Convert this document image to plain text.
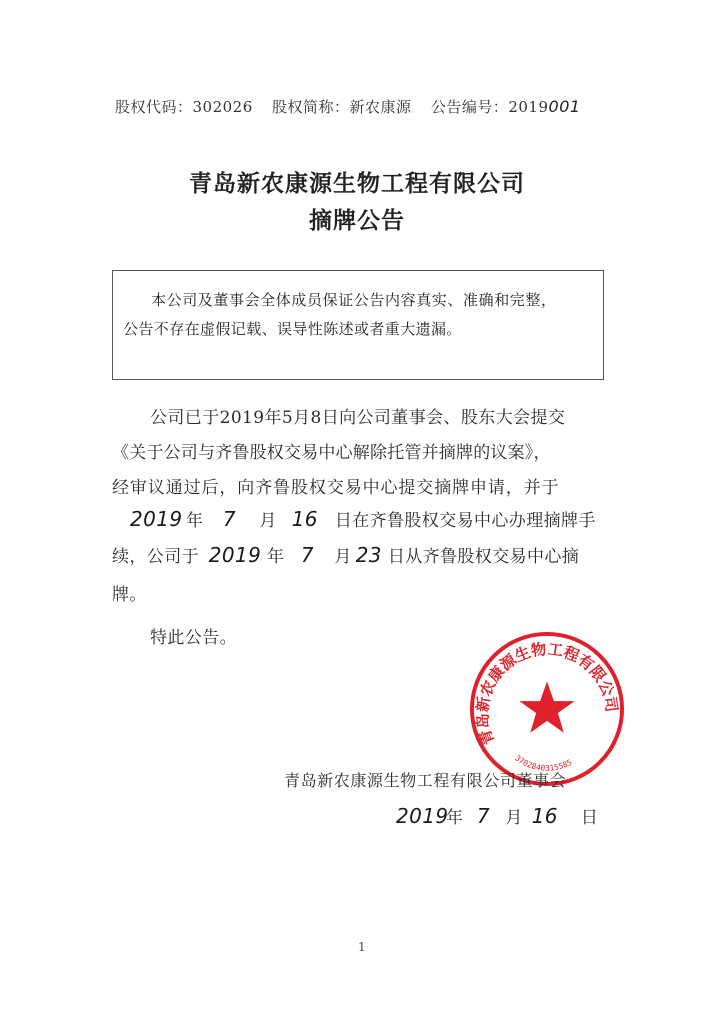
股权代码：302026 股权简称：新农康源 公告编号：2019001
青岛新农康源生物工程有限公司
摘牌公告

本公司及董事会全体成员保证公告内容真实、准确和完整，

公告不存在虚假记载、误导性陈述或者重大遗漏。

公司已于2019年5月8日向公司董事会、股东大会提交
《关于公司与齐鲁股权交易中心解除托管并摘牌的议案》，
经审议通过后，向齐鲁股权交易中心提交摘牌申请，并于
2019 年 7 月 16 日在齐鲁股权交易中心办理摘牌手
续，公司于 2019 年 7 月 23 日从齐鲁股权交易中心摘
牌。
特此公告。
青岛新农康源生物工程有限公司
3702840315585
青岛新农康源生物工程有限公司董事会
2019年 7 月 16 日
1
